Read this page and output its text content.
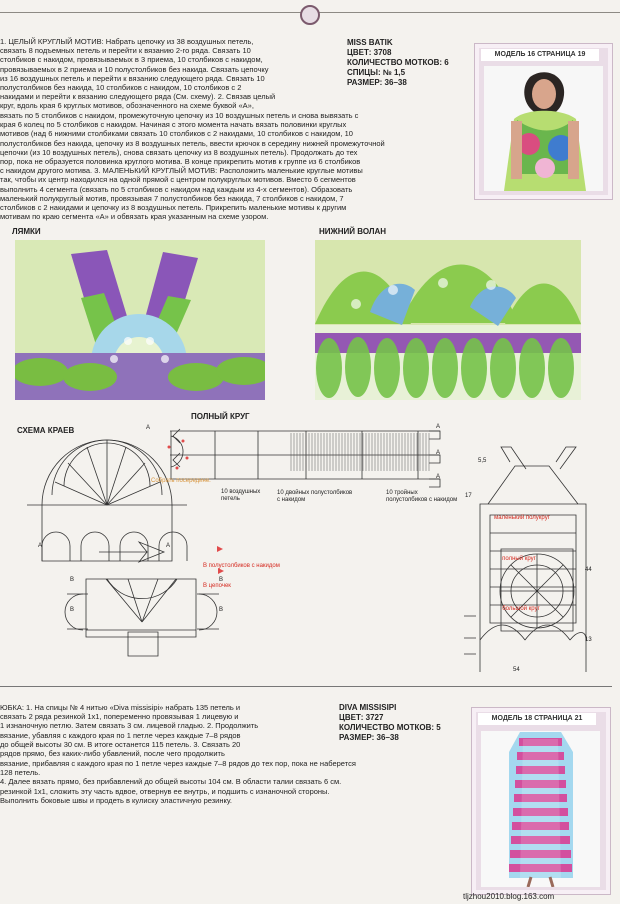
1. ЦЕЛЫЙ КРУГЛЫЙ МОТИВ: Набрать цепочку из 38 воздушных петель,
связать 8 подъемных петель и перейти к вязанию 2-го ряда. Связать 10
столбиков с накидом, провязываемых в 3 приема, 10 столбиков с накидом,
провязываемых в 2 приема и 10 полустолбиков без накида. Связать цепочку
из 16 воздушных петель и перейти к вязанию следующего ряда. Связать 10
полустолбиков без накида, 10 столбиков с накидом, 10 столбиков с 2
накидами и перейти к вязанию следующего ряда (См. схему). 2. Связав целый
круг, вдоль края 6 круглых мотивов, обозначенного на схеме буквой «А»,
вязать по 5 столбиков с накидом, промежуточную цепочку из 10 воздушных петель и снова вывязать с
края 6 колец по 5 столбиков с накидом. Начиная с этого момента начать вязать половинки круглых
мотивов (над 6 нижними столбиками связать 10 столбиков с 2 накидами, 10 столбиков с накидом, 10
полустолбиков без накида, цепочку из 8 воздушных петель, ввести крючок в середину нижней промежуточной
цепочки (из 10 воздушных петель), снова связать цепочку из 8 воздушных петель). Продолжать до тех
пор, пока не образуется половинка круглого мотива. В конце прикрепить мотив к группе из 6 столбиков
с накидом другого мотива. 3. МАЛЕНЬКИЙ КРУГЛЫЙ МОТИВ: Расположить маленькие круглые мотивы
так, чтобы их центр находился на одной прямой с центром полукруглых мотивов. Вместо 6 сегментов
выполнить 4 сегмента (связать по 5 столбиков с накидом над каждым из 4-х сегментов). Образовать
маленький полукруглый мотив, провязывая 7 полустолбиков без накида, 7 столбиков с накидом, 7
столбиков с 2 накидами и цепочку из 8 воздушных петель. Прикрепить маленькие мотивы к другим
мотивам по краю сегмента «А» и обвязать края указанным на схеме узором.
MISS BATIK
ЦВЕТ: 3708
КОЛИЧЕСТВО МОТКОВ: 6
СПИЦЫ: № 1,5
РАЗМЕР: 36–38
МОДЕЛЬ 16 СТРАНИЦА 19
ЛЯМКИ	НИЖНИЙ ВОЛАН
СХЕМА КРАЕВ
ПОЛНЫЙ КРУГ
Собрать посередине.
10 воздушных петель
10 двойных полустолбиков с накидом
10 тройных полустолбиков с накидом
А
А
А
А
А	А
В
В
В
В
В полустолбиков с накидом
В цепочек
маленький полукруг
полный круг
большой круг
5,5
17
44
13
54
ЮБКА: 1. На спицы № 4 нитью «Diva missisipi» набрать 135 петель и
связать 2 ряда резинкой 1х1, попеременно провязывая 1 лицевую и
1 изнаночную петлю. Затем связать 3 см. лицевой гладью. 2. Продолжить
вязание, убавляя с каждого края по 1 петле через каждые 7–8 рядов
до общей высоты 30 см. В итоге останется 115 петель. 3. Связать 20
рядов прямо, без каких-либо убавлений, после чего продолжить
вязание, прибавляя с каждого края по 1 петле через каждые 7–8 рядов до тех пор, пока не наберется
128 петель.
4. Далее вязать прямо, без прибавлений до общей высоты 104 см. В области талии связать 6 см.
резинкой 1х1, сложить эту часть вдвое, отвернув ее внутрь, и подшить с изнаночной стороны.
Выполнить боковые швы и продеть в кулиску эластичную резинку.
DIVA MISSISIPI
ЦВЕТ: 3727
КОЛИЧЕСТВО МОТКОВ: 5
РАЗМЕР: 36–38
МОДЕЛЬ 18 СТРАНИЦА 21
tljzhou2010.blog.163.com
